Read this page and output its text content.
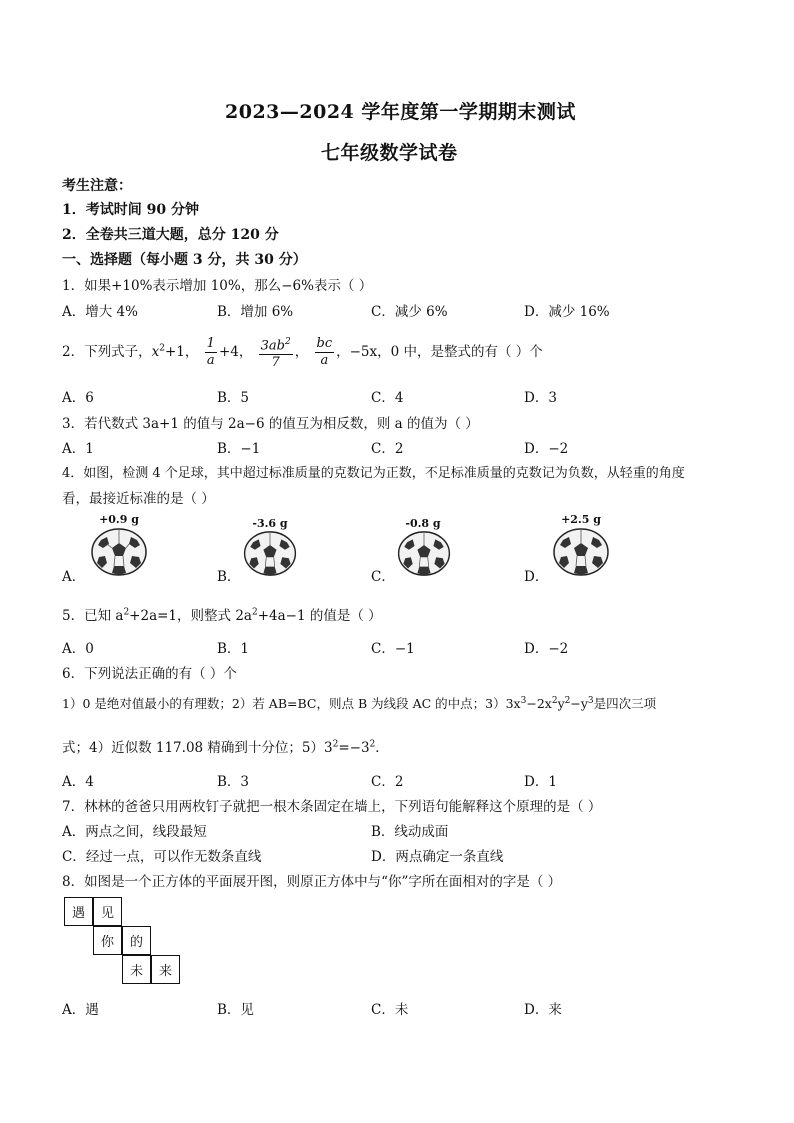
2023—2024 学年度第一学期期末测试
七年级数学试卷
考生注意：
1．考试时间 90 分钟
2．全卷共三道大题，总分 120 分
一、选择题（每小题 3 分，共 30 分）
1．如果+10%表示增加 10%，那么−6%表示（ ）
A．增大 4%	B．增加 6%	C．减少 6%	D．减少 16%
2．下列式子，$x^2+1$， $\frac{1}{a} +4$， $\frac{3ab^2}{7}$ ， $\frac{bc}{a}$ ，−5x，0 中，是整式的有（ ）个
A．6	B．5	C．4	D．3
3．若代数式 3a+1 的值与 2a−6 的值互为相反数，则 a 的值为（ ）
A．1	B．−1	C．2	D．−2
4．如图，检测 4 个足球，其中超过标准质量的克数记为正数，不足标准质量的克数记为负数，从轻重的角度
看，最接近标准的是（ ）
+0.9 g	-3.6 g	-0.8 g	+2.5 g
A．	B．	C．	D．
5．已知 $a^2+2a=1$，则整式 $2a^2+4a-1$ 的值是（ ）
A．0	B．1	C．−1	D．−2
6．下列说法正确的有（ ）个
1）0 是绝对值最小的有理数；2）若 AB=BC，则点 B 为线段 AC 的中点；$3)3x^3-2x^2y^2-y^3$是四次三项
式；4）近似数 117.08 精确到十分位；$5)3^2=-3^2$．
A．4	B．3	C．2	D．1
7．林林的爸爸只用两枚钉子就把一根木条固定在墙上，下列语句能解释这个原理的是（ ）
A．两点之间，线段最短	B．线动成面
C．经过一点，可以作无数条直线	D．两点确定一条直线
8．如图是一个正方体的平面展开图，则原正方体中与“你”字所在面相对的字是（ ）
遇	见
你	的
未	来
A．遇	B．见	C．未	D．来
